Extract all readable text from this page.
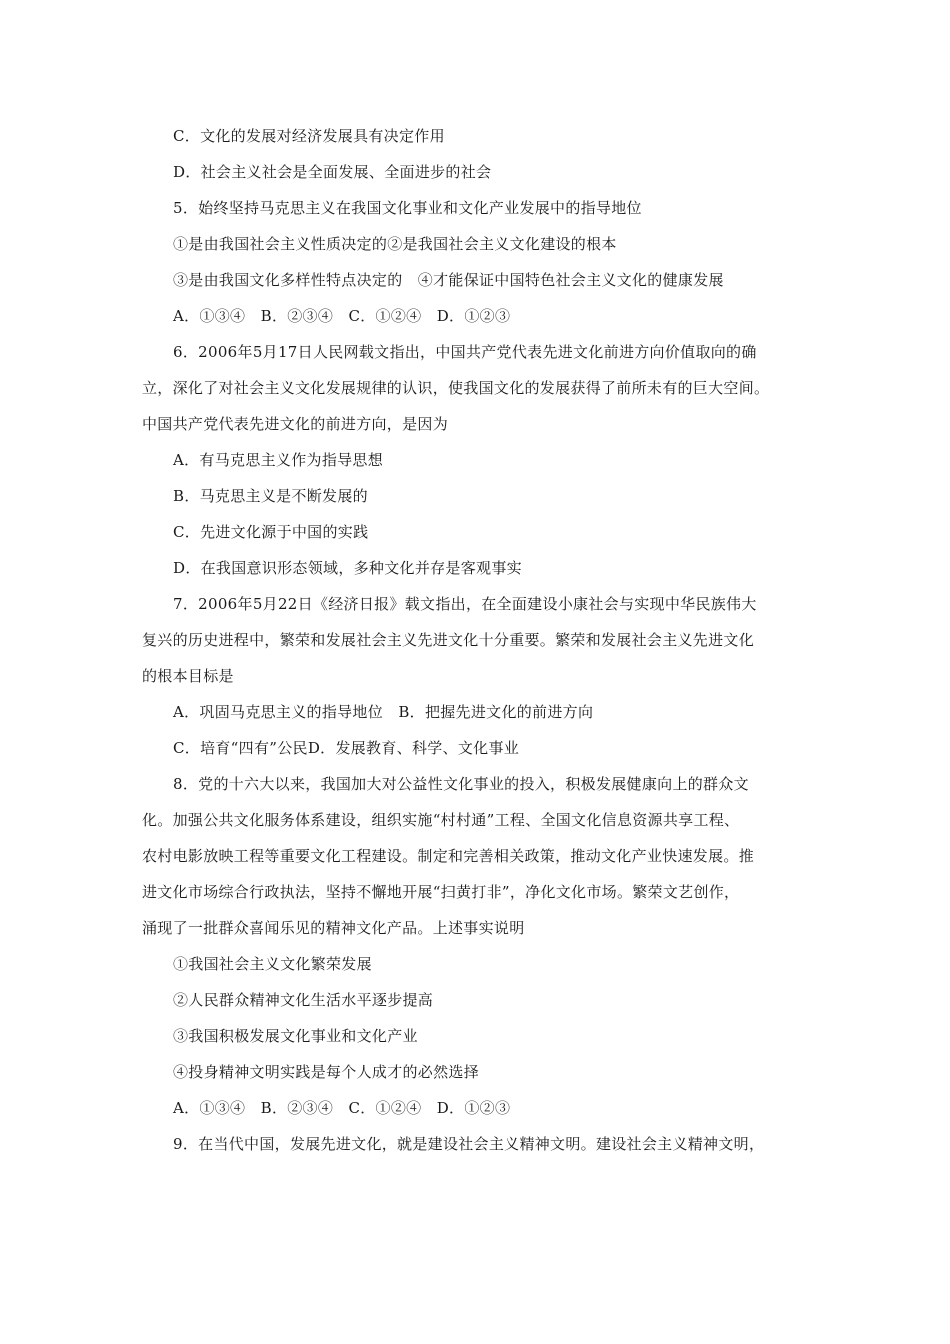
C．文化的发展对经济发展具有决定作用
D．社会主义社会是全面发展、全面进步的社会
5．始终坚持马克思主义在我国文化事业和文化产业发展中的指导地位
①是由我国社会主义性质决定的②是我国社会主义文化建设的根本
③是由我国文化多样性特点决定的　④才能保证中国特色社会主义文化的健康发展
A．①③④　B．②③④　C．①②④　D．①②③
6．2006年5月17日人民网载文指出，中国共产党代表先进文化前进方向价值取向的确
立，深化了对社会主义文化发展规律的认识，使我国文化的发展获得了前所未有的巨大空间。
中国共产党代表先进文化的前进方向，是因为
A．有马克思主义作为指导思想
B．马克思主义是不断发展的
C．先进文化源于中国的实践
D．在我国意识形态领域，多种文化并存是客观事实
7．2006年5月22日《经济日报》载文指出，在全面建设小康社会与实现中华民族伟大
复兴的历史进程中，繁荣和发展社会主义先进文化十分重要。繁荣和发展社会主义先进文化
的根本目标是
A．巩固马克思主义的指导地位　B．把握先进文化的前进方向
C．培育“四有”公民D．发展教育、科学、文化事业
8．党的十六大以来，我国加大对公益性文化事业的投入，积极发展健康向上的群众文
化。加强公共文化服务体系建设，组织实施“村村通”工程、全国文化信息资源共享工程、
农村电影放映工程等重要文化工程建设。制定和完善相关政策，推动文化产业快速发展。推
进文化市场综合行政执法，坚持不懈地开展“扫黄打非”，净化文化市场。繁荣文艺创作，
涌现了一批群众喜闻乐见的精神文化产品。上述事实说明
①我国社会主义文化繁荣发展
②人民群众精神文化生活水平逐步提高
③我国积极发展文化事业和文化产业
④投身精神文明实践是每个人成才的必然选择
A．①③④　B．②③④　C．①②④　D．①②③
9．在当代中国，发展先进文化，就是建设社会主义精神文明。建设社会主义精神文明，
